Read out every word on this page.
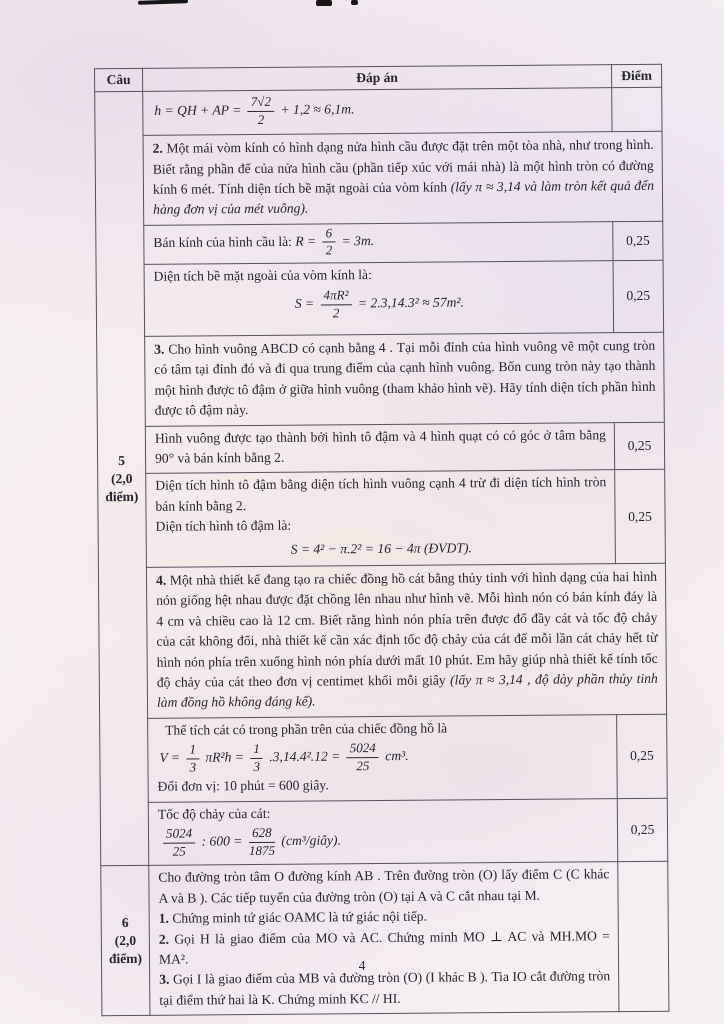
Câu	Đáp án	Điểm

5
(2,0 điểm)

h = QH + AP = $\frac{7√2}{2} + 1,2 \approx 6,1m$.

	2. Một mái vòm kính có hình dạng nửa hình cầu được đặt trên một tòa nhà, như trong hình. Biết rằng phần đế của nửa hình cầu (phần tiếp xúc với mái nhà) là một hình tròn có đường kính 6 mét. Tính diện tích bề mặt ngoài của vòm kính (lấy π ≈ 3,14 và làm tròn kết quả đến hàng đơn vị của mét vuông).	
	Bán kính của hình cầu là: $R = \frac{6}{2} = 3m$.	0,25

	Diện tích bề mặt ngoài của vòm kính là:
$S = \frac{\text{4πR²}}{2} = 2.3,14.3^2 \approx 57m^2$.	0,25
	3. Cho hình vuông ABCD có cạnh bằng 4 . Tại mỗi đỉnh của hình vuông vẽ một cung tròn có tâm tại đỉnh đó và đi qua trung điểm của cạnh hình vuông. Bốn cung tròn này tạo thành một hình được tô đậm ở giữa hình vuông (tham khảo hình vẽ). Hãy tính diện tích phần hình được tô đậm này.	
	Hình vuông được tạo thành bởi hình tô đậm và 4 hình quạt có có góc ở tâm bằng 90° và bán kính bằng 2.	0,25

	Diện tích hình tô đậm bằng diện tích hình vuông cạnh 4 trừ đi diện tích hình tròn bán kính bằng 2.
Diện tích hình tô đậm là:
S = 4² − π.2² = 16 − 4π (ĐVDT).	0,25
	4. Một nhà thiết kế đang tạo ra chiếc đồng hồ cát bằng thủy tinh với hình dạng của hai hình nón giống hệt nhau được đặt chồng lên nhau như hình vẽ. Mỗi hình nón có bán kính đáy là 4 cm và chiều cao là 12 cm. Biết rằng hình nón phía trên được đổ đầy cát và tốc độ chảy của cát không đổi, nhà thiết kế cần xác định tốc độ chảy của cát để mỗi lần cát chảy hết từ hình nón phía trên xuống hình nón phía dưới mất 10 phút. Em hãy giúp nhà thiết kế tính tốc độ chảy của cát theo đơn vị centimet khối mỗi giây (lấy π ≈ 3,14 , độ dày phần thủy tinh làm đồng hồ không đáng kể).	

Thể tích cát có trong phần trên của chiếc đồng hồ là
$V = \frac{1}{3} \pi R^2h = \frac{1}{3} .3,14.4^2.12 = \frac{5024}{25} cm^3$.
Đổi đơn vị: 10 phút = 600 giây.
	0,25

Tốc độ chảy của cát:
$\frac{5024}{25}$ : $600 = \frac{628}{1875}$ (cm³/giây).
	0,25

6
(2,0 điểm)

Cho đường tròn tâm O đường kính AB . Trên đường tròn (O) lấy điểm C (C khác A và B ). Các tiếp tuyến của đường tròn (O) tại A và C cắt nhau tại M.
1. Chứng minh tứ giác OAMC là tứ giác nội tiếp.
2. Gọi H là giao điểm của MO và AC. Chứng minh MO ⊥ AC và MH.MO = MA².
3. Gọi I là giao điểm của MB và đường tròn (O) (I khác B ). Tia IO cắt đường tròn tại điểm thứ hai là K. Chứng minh KC // HI.

4
